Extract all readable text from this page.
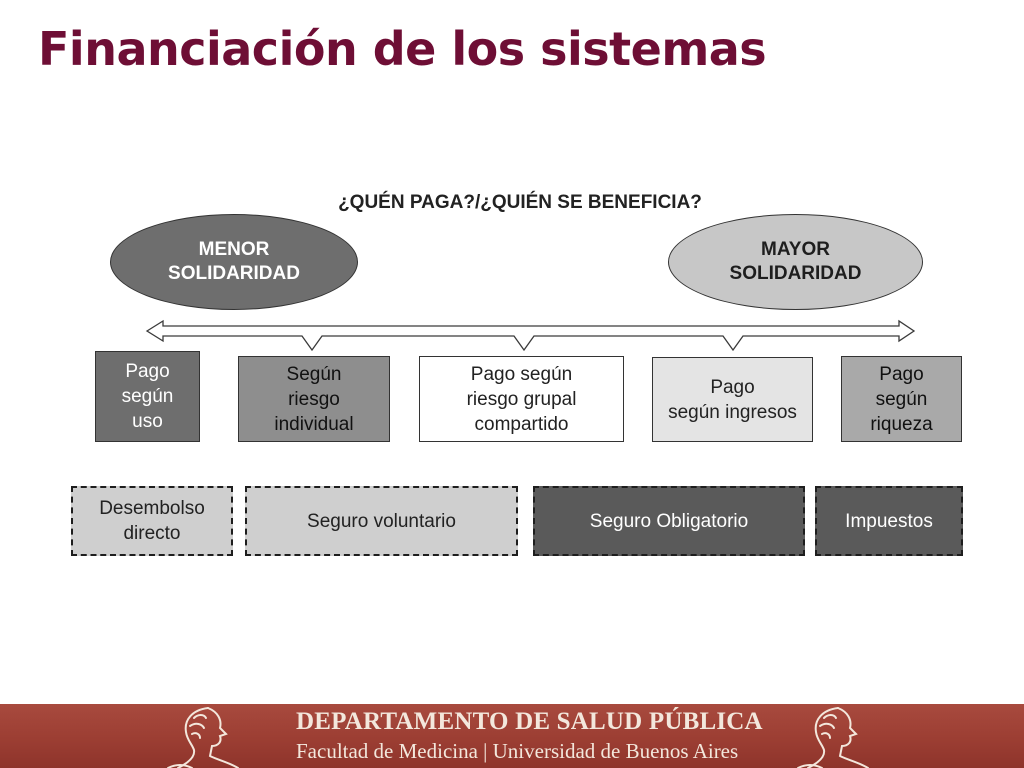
Financiación de los sistemas
¿QUÉN PAGA?/¿QUIÉN SE BENEFICIA?
MENOR
SOLIDARIDAD
MAYOR
SOLIDARIDAD
Pago
según
uso
Según
riesgo
individual
Pago según
riesgo grupal
compartido
Pago
según ingresos
Pago
según
riqueza
Desembolso
directo
Seguro voluntario	Seguro Obligatorio	Impuestos
DEPARTAMENTO DE SALUD PÚBLICA
Facultad de Medicina | Universidad de Buenos Aires
